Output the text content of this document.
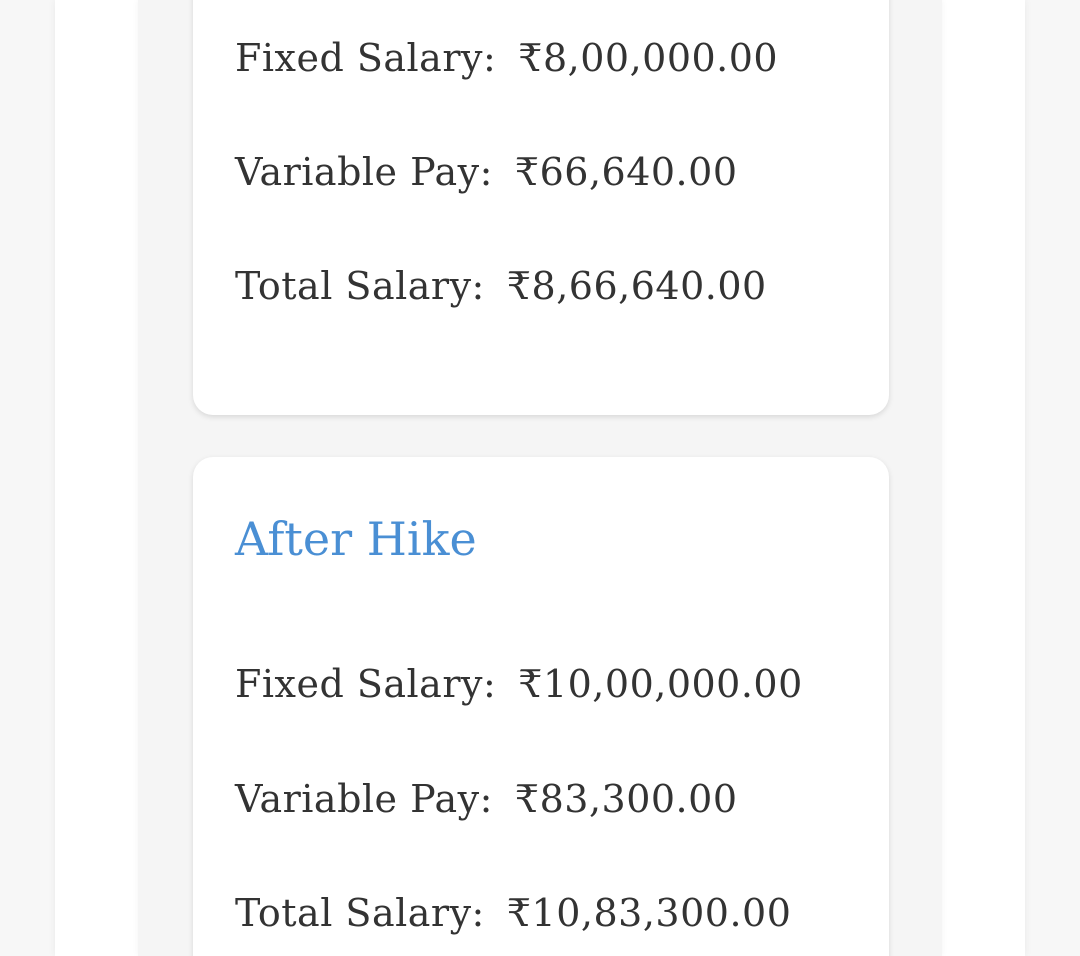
Fixed Salary: ₹8,00,000.00
Variable Pay: ₹66,640.00
Total Salary: ₹8,66,640.00
After Hike
Fixed Salary: ₹10,00,000.00
Variable Pay: ₹83,300.00
Total Salary: ₹10,83,300.00
